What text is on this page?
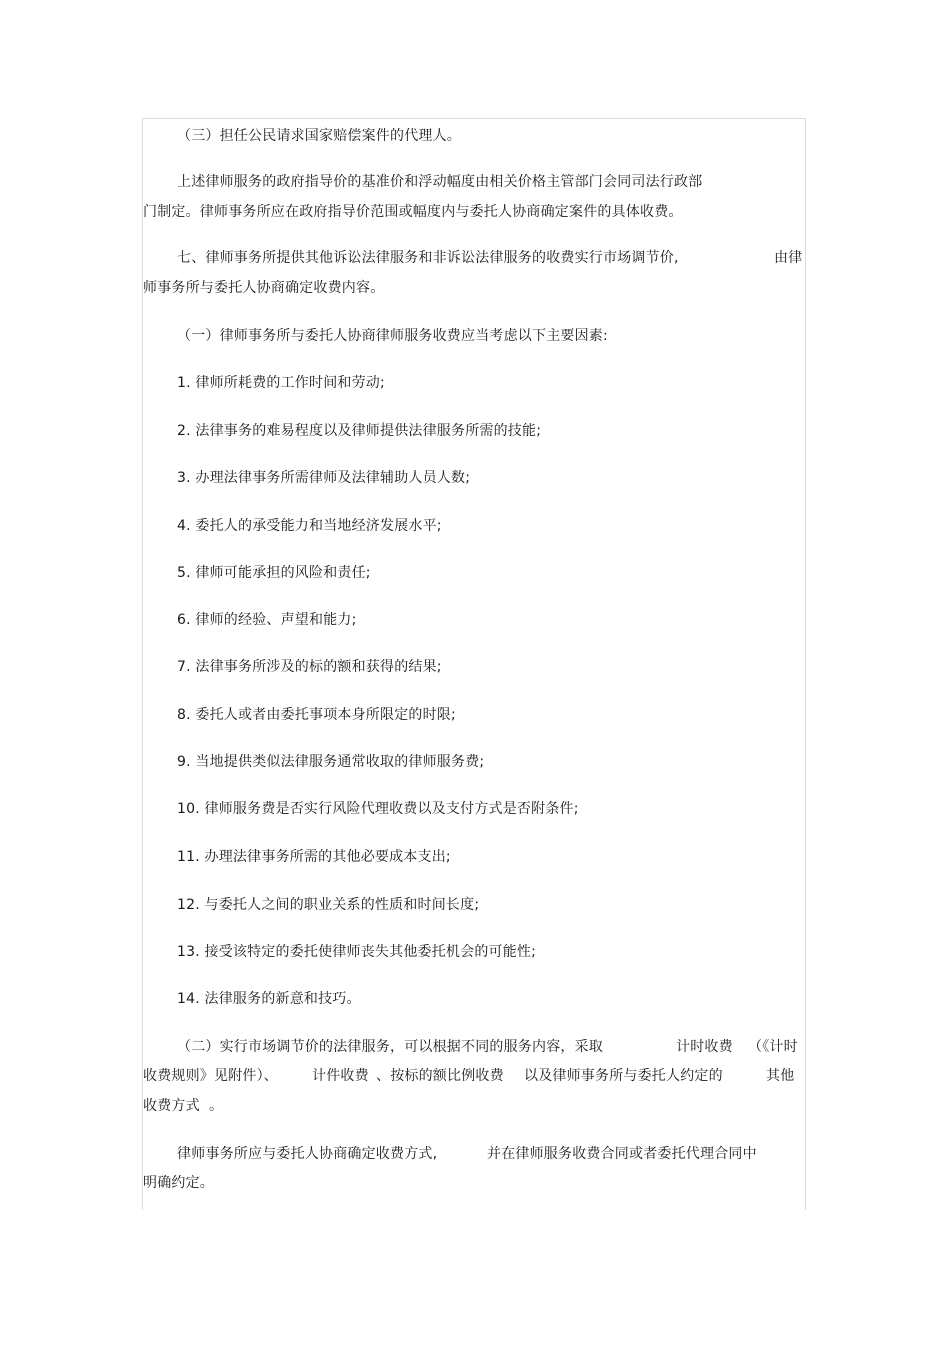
（三）担任公民请求国家赔偿案件的代理人。
上述律师服务的政府指导价的基准价和浮动幅度由相关价格主管部门会同司法行政部
门制定。律师事务所应在政府指导价范围或幅度内与委托人协商确定案件的具体收费。
七、律师事务所提供其他诉讼法律服务和非诉讼法律服务的收费实行市场调节价,	由律
师事务所与委托人协商确定收费内容。
（一）律师事务所与委托人协商律师服务收费应当考虑以下主要因素:
1. 律师所耗费的工作时间和劳动;
2. 法律事务的难易程度以及律师提供法律服务所需的技能;
3. 办理法律事务所需律师及法律辅助人员人数;
4. 委托人的承受能力和当地经济发展水平;
5. 律师可能承担的风险和责任;
6. 律师的经验、声望和能力;
7. 法律事务所涉及的标的额和获得的结果;
8. 委托人或者由委托事项本身所限定的时限;
9. 当地提供类似法律服务通常收取的律师服务费;
10. 律师服务费是否实行风险代理收费以及支付方式是否附条件;
11. 办理法律事务所需的其他必要成本支出;
12. 与委托人之间的职业关系的性质和时间长度;
13. 接受该特定的委托使律师丧失其他委托机会的可能性;
14. 法律服务的新意和技巧。
（二）实行市场调节价的法律服务，可以根据不同的服务内容，采取	计时收费 （《计时
收费规则》见附件）、 计件收费 、按标的额比例收费 以及律师事务所与委托人约定的	其他
收费方式 。
律师事务所应与委托人协商确定收费方式,	并在律师服务收费合同或者委托代理合同中
明确约定。
